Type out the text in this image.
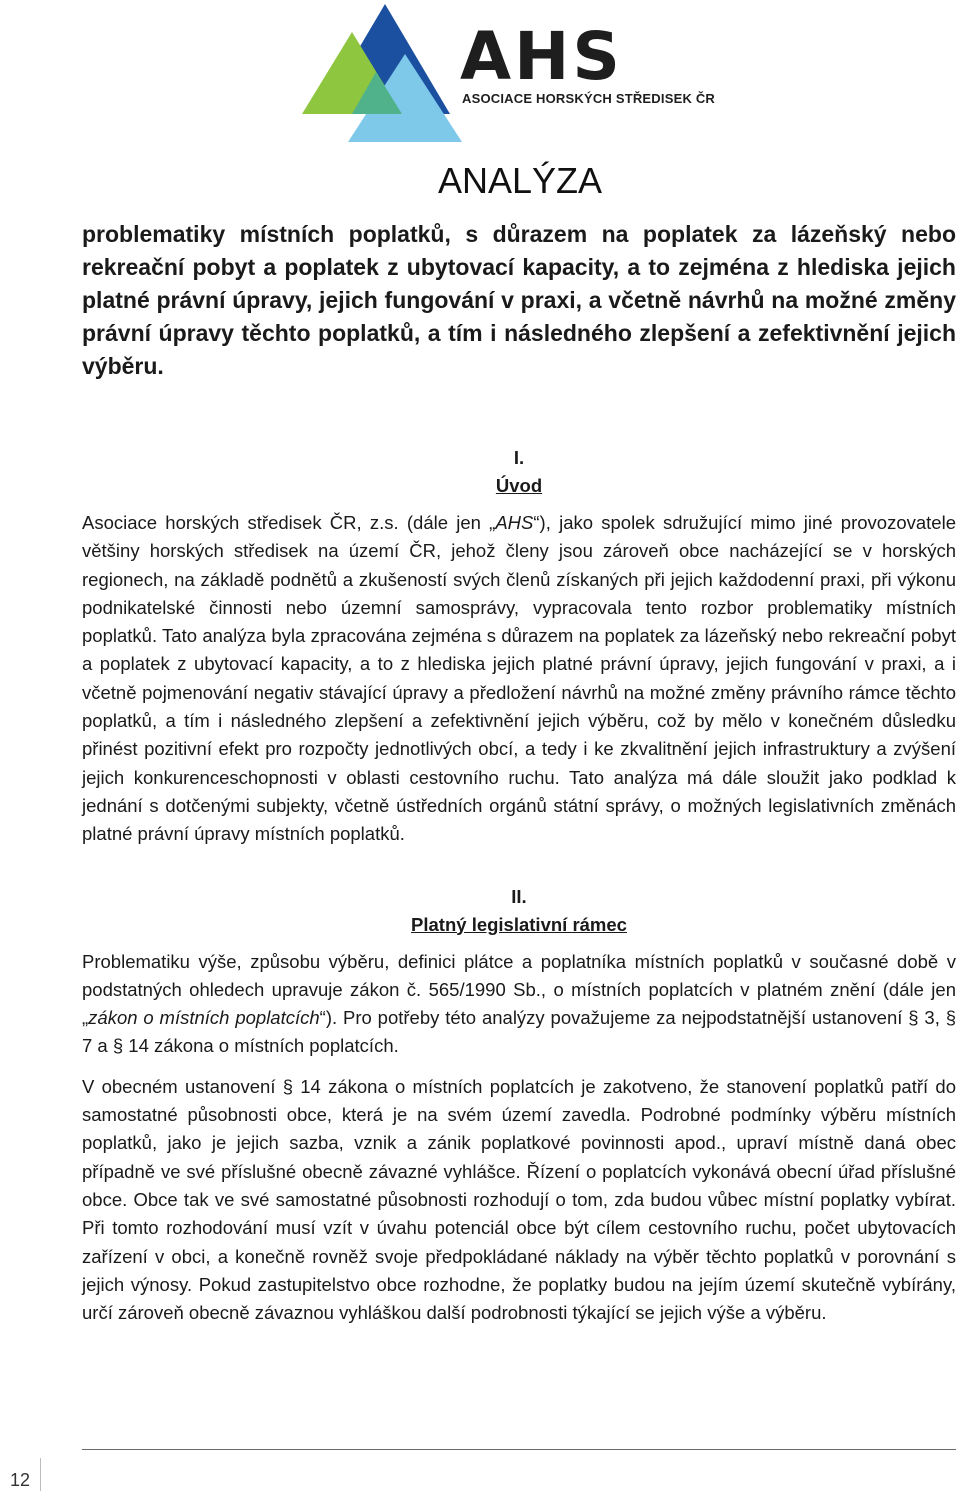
AHS
ASOCIACE HORSKÝCH STŘEDISEK ČR
ANALÝZA

problematiky místních poplatků, s důrazem na poplatek za lázeňský nebo rekreační pobyt a poplatek z ubytovací kapacity, a to zejména z hlediska jejich platné právní úpravy, jejich fungování v praxi, a včetně návrhů na možné změny právní úpravy těchto poplatků, a tím i následného zlepšení a zefektivnění jejich výběru.

I.
Úvod

Asociace horských středisek ČR, z.s. (dále jen „AHS“), jako spolek sdružující mimo jiné provozovatele většiny horských středisek na území ČR, jehož členy jsou zároveň obce nacházející se v horských regionech, na základě podnětů a zkušeností svých členů získaných při jejich každodenní praxi, při výkonu podnikatelské činnosti nebo územní samosprávy, vypracovala tento rozbor problematiky místních poplatků. Tato analýza byla zpracována zejména s důrazem na poplatek za lázeňský nebo rekreační pobyt a poplatek z ubytovací kapacity, a to z hlediska jejich platné právní úpravy, jejich fungování v praxi, a i včetně pojmenování negativ stávající úpravy a předložení návrhů na možné změny právního rámce těchto poplatků, a tím i následného zlepšení a zefektivnění jejich výběru, což by mělo v konečném důsledku přinést pozitivní efekt pro rozpočty jednotlivých obcí, a tedy i ke zkvalitnění jejich infrastruktury a zvýšení jejich konkurenceschopnosti v oblasti cestovního ruchu. Tato analýza má dále sloužit jako podklad k jednání s dotčenými subjekty, včetně ústředních orgánů státní správy, o možných legislativních změnách platné právní úpravy místních poplatků.

II.
Platný legislativní rámec

Problematiku výše, způsobu výběru, definici plátce a poplatníka místních poplatků v současné době v podstatných ohledech upravuje zákon č. 565/1990 Sb., o místních poplatcích v platném znění (dále jen „zákon o místních poplatcích“). Pro potřeby této analýzy považujeme za nejpodstatnější ustanovení § 3, § 7 a § 14 zákona o místních poplatcích.

V obecném ustanovení § 14 zákona o místních poplatcích je zakotveno, že stanovení poplatků patří do samostatné působnosti obce, která je na svém území zavedla. Podrobné podmínky výběru místních poplatků, jako je jejich sazba, vznik a zánik poplatkové povinnosti apod., upraví místně daná obec případně ve své příslušné obecně závazné vyhlášce. Řízení o poplatcích vykonává obecní úřad příslušné obce. Obce tak ve své samostatné působnosti rozhodují o tom, zda budou vůbec místní poplatky vybírat. Při tomto rozhodování musí vzít v úvahu potenciál obce být cílem cestovního ruchu, počet ubytovacích zařízení v obci, a konečně rovněž svoje předpokládané náklady na výběr těchto poplatků v porovnání s jejich výnosy. Pokud zastupitelstvo obce rozhodne, že poplatky budou na jejím území skutečně vybírány, určí zároveň obecně závaznou vyhláškou další podrobnosti týkající se jejich výše a výběru.

12
